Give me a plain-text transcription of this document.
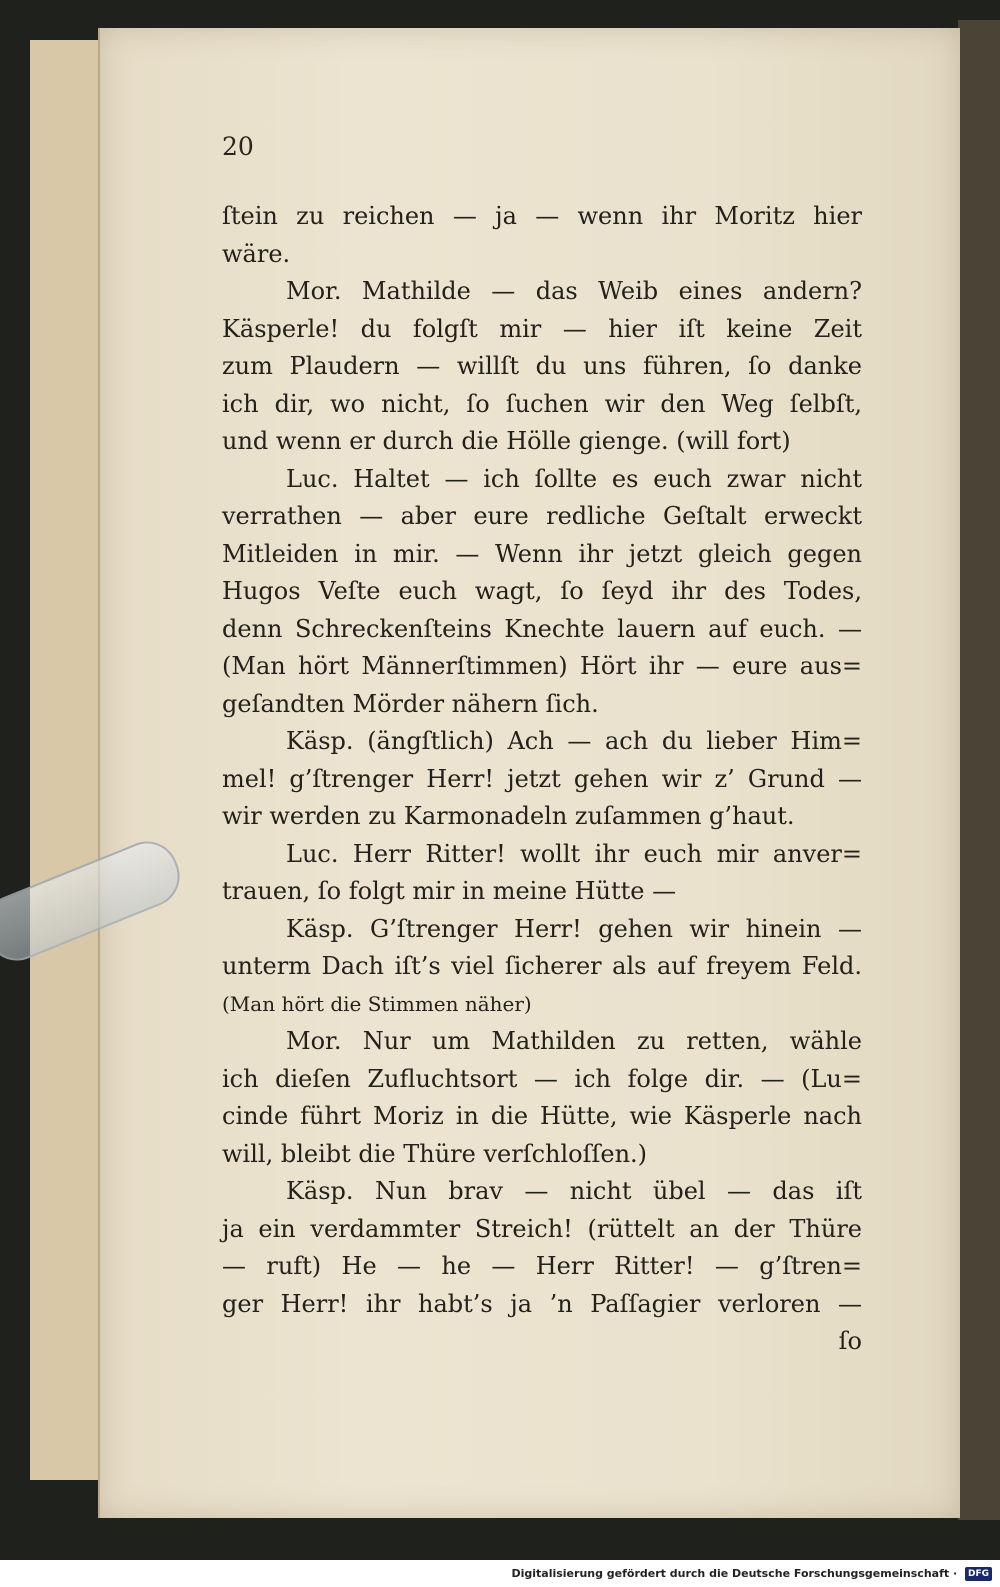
20
ſtein zu reichen — ja — wenn ihr Moritz hier
wäre.
Mor. Mathilde — das Weib eines andern?
Käsperle! du folgſt mir — hier iſt keine Zeit
zum Plaudern — willſt du uns führen, ſo danke
ich dir, wo nicht, ſo ſuchen wir den Weg ſelbſt,
und wenn er durch die Hölle gienge. (will fort)
Luc. Haltet — ich ſollte es euch zwar nicht
verrathen — aber eure redliche Geſtalt erweckt
Mitleiden in mir. — Wenn ihr jetzt gleich gegen
Hugos Veſte euch wagt, ſo ſeyd ihr des Todes,
denn Schreckenſteins Knechte lauern auf euch. —
(Man hört Männerſtimmen) Hört ihr — eure aus=
geſandten Mörder nähern ſich.
Käsp. (ängſtlich) Ach — ach du lieber Him=
mel! g’ſtrenger Herr! jetzt gehen wir z’ Grund —
wir werden zu Karmonadeln zuſammen g’haut.
Luc. Herr Ritter! wollt ihr euch mir anver=
trauen, ſo folgt mir in meine Hütte —
Käsp. G’ſtrenger Herr! gehen wir hinein —
unterm Dach iſt’s viel ſicherer als auf freyem Feld.
(Man hört die Stimmen näher)
Mor. Nur um Mathilden zu retten, wähle
ich dieſen Zufluchtsort — ich folge dir. — (Lu=
cinde führt Moriz in die Hütte, wie Käsperle nach
will, bleibt die Thüre verſchloſſen.)
Käsp. Nun brav — nicht übel — das iſt
ja ein verdammter Streich! (rüttelt an der Thüre
— ruft) He — he — Herr Ritter! — g’ſtren=
ger Herr! ihr habt’s ja ’n Paſſagier verloren —
ſo
Digitalisierung gefördert durch die Deutsche Forschungsgemeinschaft · DFG
